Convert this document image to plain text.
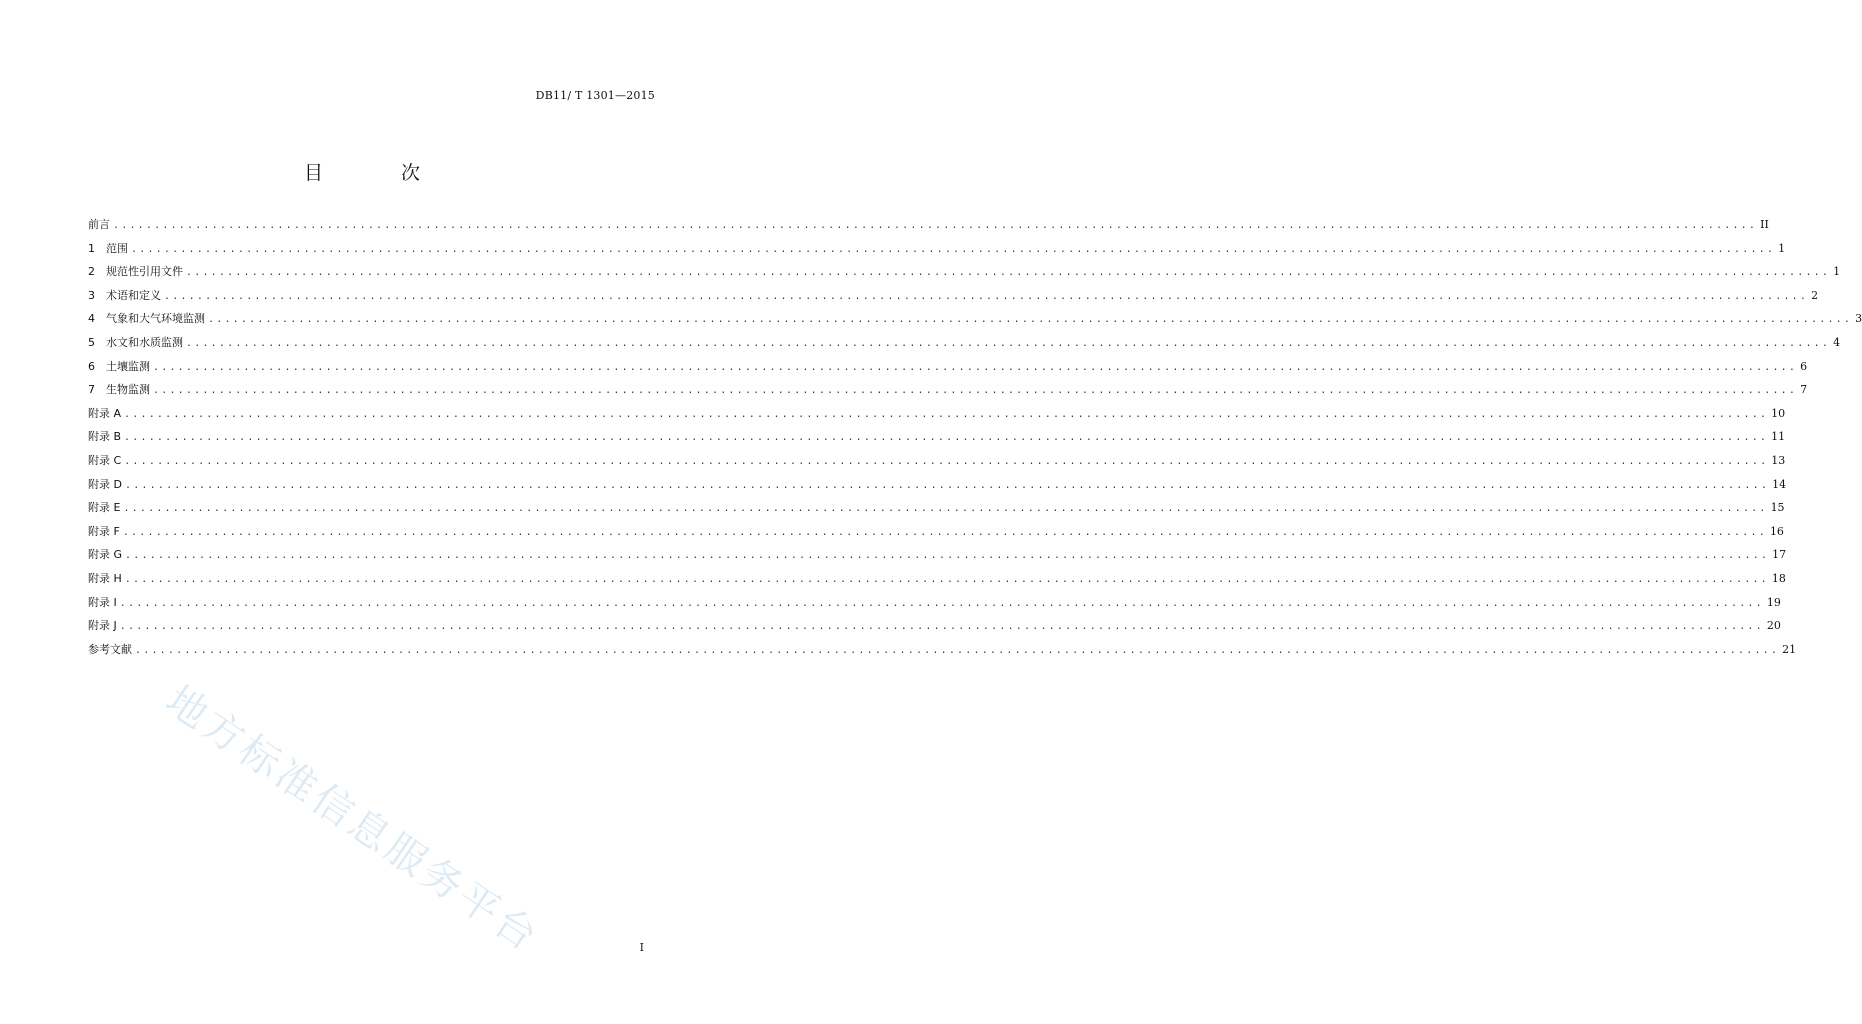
DB11/ T 1301—2015
目 次
前言 ........................................................................................................................................................................................................ II
1 范围 ........................................................................................................................................................................................................ 1
2 规范性引用文件 ........................................................................................................................................................................................................ 1
3 术语和定义 ........................................................................................................................................................................................................ 2
4 气象和大气环境监测 ........................................................................................................................................................................................................ 3
5 水文和水质监测 ........................................................................................................................................................................................................ 4
6 土壤监测 ........................................................................................................................................................................................................ 6
7 生物监测 ........................................................................................................................................................................................................ 7
附录 A ........................................................................................................................................................................................................ 10
附录 B ........................................................................................................................................................................................................ 11
附录 C ........................................................................................................................................................................................................ 13
附录 D ........................................................................................................................................................................................................ 14
附录 E ........................................................................................................................................................................................................ 15
附录 F ........................................................................................................................................................................................................ 16
附录 G ........................................................................................................................................................................................................ 17
附录 H ........................................................................................................................................................................................................ 18
附录 I ........................................................................................................................................................................................................ 19
附录 J ........................................................................................................................................................................................................ 20
参考文献 ........................................................................................................................................................................................................ 21
地方标准信息服务平台	I
